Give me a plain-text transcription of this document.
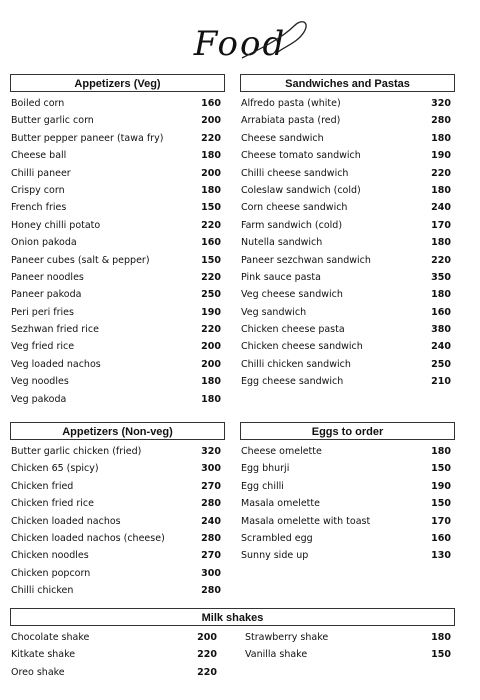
Food
Appetizers (Veg)
Boiled corn	160
Butter garlic corn	200
Butter pepper paneer (tawa fry)	220
Cheese ball	180
Chilli paneer	200
Crispy corn	180
French fries	150
Honey chilli potato	220
Onion pakoda	160
Paneer cubes (salt & pepper)	150
Paneer noodles	220
Paneer pakoda	250
Peri peri fries	190
Sezhwan fried rice	220
Veg fried rice	200
Veg loaded nachos	200
Veg noodles	180
Veg pakoda	180
Sandwiches and Pastas
Alfredo pasta (white)	320
Arrabiata pasta (red)	280
Cheese sandwich	180
Cheese tomato sandwich	190
Chilli cheese sandwich	220
Coleslaw sandwich (cold)	180
Corn cheese sandwich	240
Farm sandwich (cold)	170
Nutella sandwich	180
Paneer sezchwan sandwich	220
Pink sauce pasta	350
Veg cheese sandwich	180
Veg sandwich	160
Chicken cheese pasta	380
Chicken cheese sandwich	240
Chilli chicken sandwich	250
Egg cheese sandwich	210
Appetizers (Non-veg)
Butter garlic chicken (fried)	320
Chicken 65 (spicy)	300
Chicken fried	270
Chicken fried rice	280
Chicken loaded nachos	240
Chicken loaded nachos (cheese)	280
Chicken noodles	270
Chicken popcorn	300
Chilli chicken	280
Eggs to order
Cheese omelette	180
Egg bhurji	150
Egg chilli	190
Masala omelette	150
Masala omelette with toast	170
Scrambled egg	160
Sunny side up	130
Milk shakes
Chocolate shake	200
Kitkate shake	220
Oreo shake	220
Strawberry shake	180
Vanilla shake	150
